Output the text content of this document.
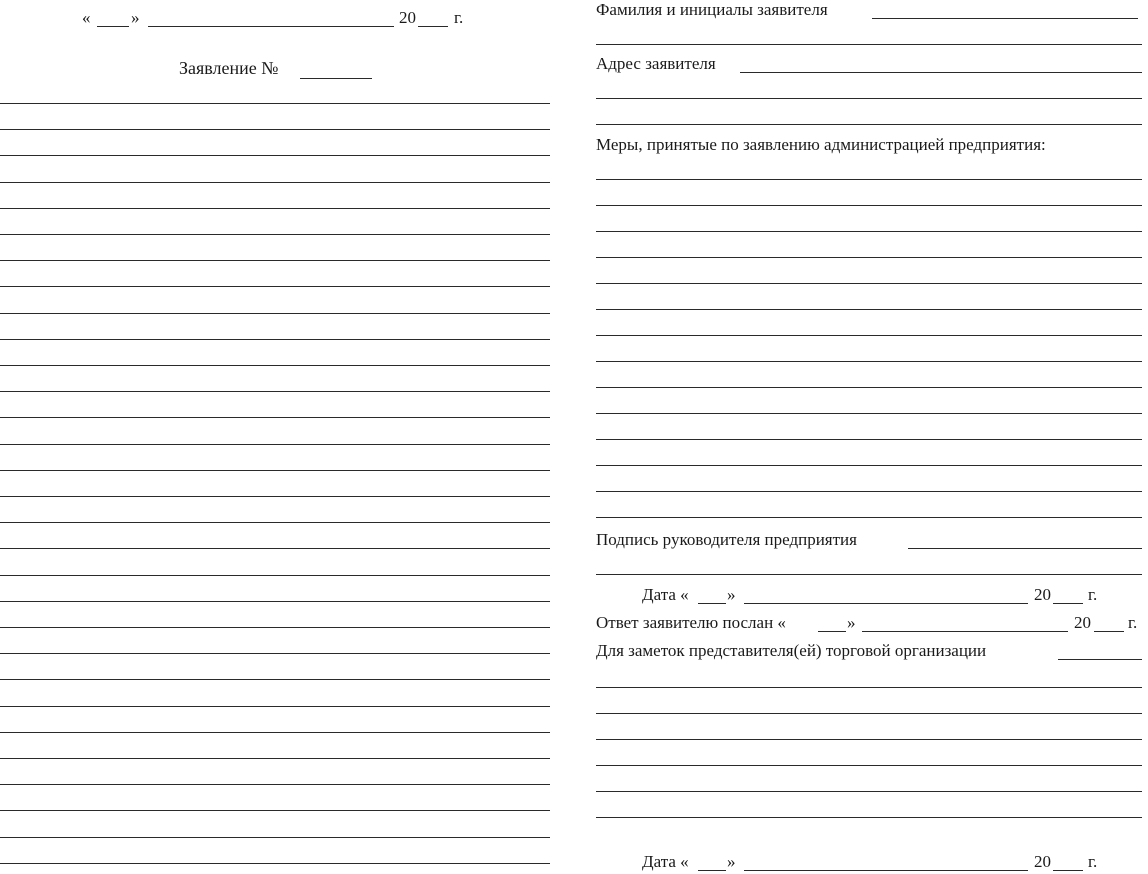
« »	20 г.
Заявление №
Фамилия и инициалы заявителя
Адрес заявителя
Меры, принятые по заявлению администрацией предприятия:
Подпись руководителя предприятия
Дата « »	20 г.
Ответ заявителю послан «	»	20 г.
Для заметок представителя(ей) торговой организации
Дата « »	20 г.
